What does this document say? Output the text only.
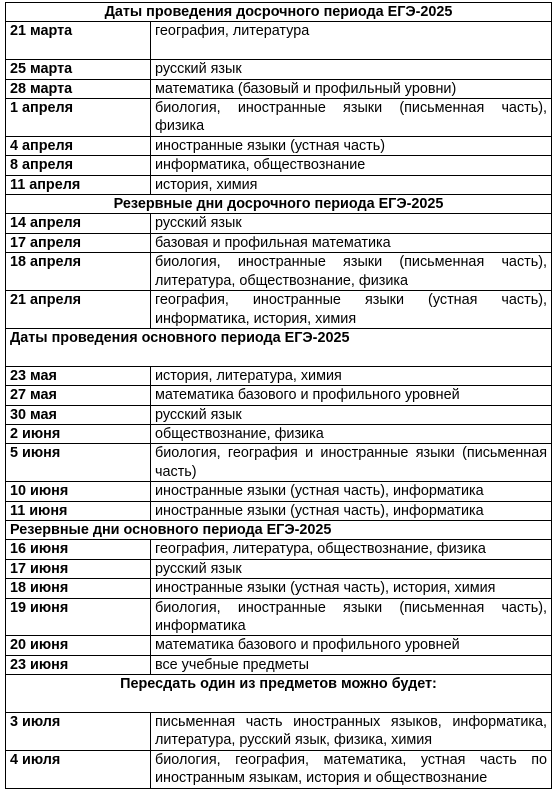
Даты проведения досрочного периода ЕГЭ-2025	
21 марта	география, литература

25 марта	русский язык
28 марта	математика (базовый и профильный уровни)
1 апреля	биология, иностранные языки (письменная часть), физика
4 апреля	иностранные языки (устная часть)
8 апреля	информатика, обществознание
11 апреля	история, химия
Резервные дни досрочного периода ЕГЭ-2025	
14 апреля	русский язык
17 апреля	базовая и профильная математика
18 апреля	биология, иностранные языки (письменная часть), литература, обществознание, физика
21 апреля	география, иностранные языки (устная часть), информатика, история, химия
Даты проведения основного периода ЕГЭ-2025	

23 мая	история, литература, химия
27 мая	математика базового и профильного уровней
30 мая	русский язык
2 июня	обществознание, физика
5 июня	биология, география и иностранные языки (письменная часть)
10 июня	иностранные языки (устная часть), информатика
11 июня	иностранные языки (устная часть), информатика
Резервные дни основного периода ЕГЭ-2025	
16 июня	география, литература, обществознание, физика
17 июня	русский язык
18 июня	иностранные языки (устная часть), история, химия
19 июня	биология, иностранные языки (письменная часть), информатика
20 июня	математика базового и профильного уровней
23 июня	все учебные предметы
Пересдать один из предметов можно будет:	

3 июля	письменная часть иностранных языков, информатика, литература, русский язык, физика, химия
4 июля	биология, география, математика, устная часть по иностранным языкам, история и обществознание
